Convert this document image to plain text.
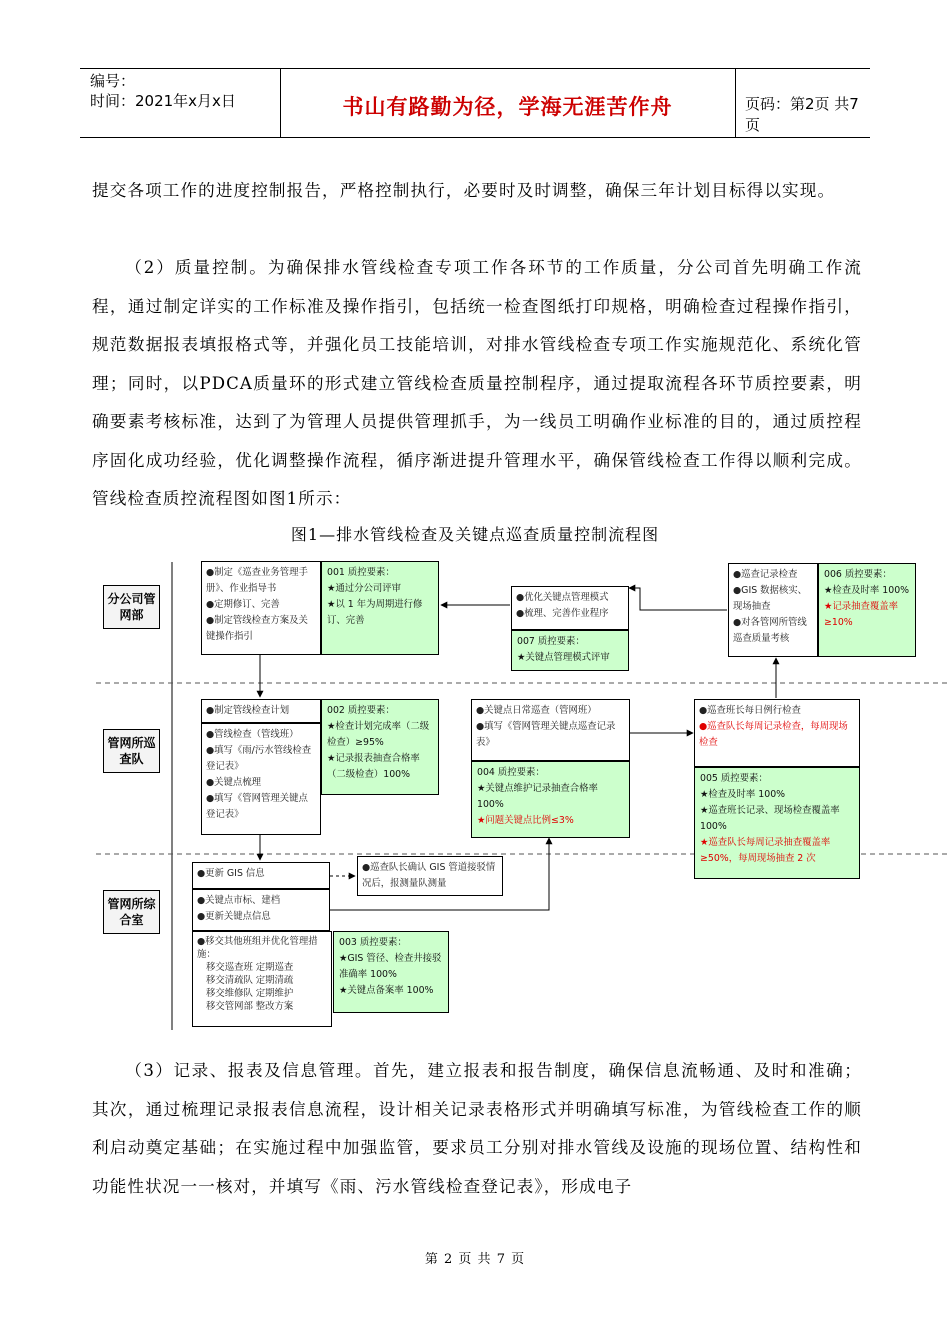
编号：
时间：2021年x月x日	书山有路勤为径，学海无涯苦作舟	页码：第2页 共7页
提交各项工作的进度控制报告，严格控制执行，必要时及时调整，确保三年计划目标得以实现。
（2）质量控制。为确保排水管线检查专项工作各环节的工作质量，分公司首先明确工作流程，通过制定详实的工作标准及操作指引，包括统一检查图纸打印规格，明确检查过程操作指引，规范数据报表填报格式等，并强化员工技能培训，对排水管线检查专项工作实施规范化、系统化管理；同时，以PDCA质量环的形式建立管线检查质量控制程序，通过提取流程各环节质控要素，明确要素考核标准，达到了为管理人员提供管理抓手，为一线员工明确作业标准的目的，通过质控程序固化成功经验，优化调整操作流程，循序渐进提升管理水平，确保管线检查工作得以顺利完成。管线检查质控流程图如图1所示：
图1—排水管线检查及关键点巡查质量控制流程图
分公司管网部
管网所巡查队
管网所综合室
●制定《巡查业务管理手册》、作业指导书
●定期修订、完善
●制定管线检查方案及关键操作指引
001 质控要素：
★通过分公司评审
★以 1 年为周期进行修订、完善
●优化关键点管理模式
●梳理、完善作业程序
007 质控要素：
★关键点管理模式评审
●巡查记录检查
●GIS 数据核实、现场抽查
●对各管网所管线巡查质量考核
006 质控要素：
★检查及时率 100%
★记录抽查覆盖率≥10%
●制定管线检查计划
●管线检查（管线班）
●填写《雨/污水管线检查登记表》
●关键点梳理
●填写《管网管理关键点登记表》
002 质控要素：
★检查计划完成率（二级检查）≥95%
★记录报表抽查合格率（二级检查）100%
●关键点日常巡查（管网班）
●填写《管网管理关键点巡查记录表》
004 质控要素：
★关键点维护记录抽查合格率100%
★问题关键点比例≤3%
●巡查班长每日例行检查
●巡查队长每周记录检查，每周现场检查
005 质控要素：
★检查及时率 100%
★巡查班长记录、现场检查覆盖率100%
★巡查队长每周记录抽查覆盖率≥50%，每周现场抽查 2 次
●更新 GIS 信息
●巡查队长确认 GIS 管道接驳情况后，报测量队测量
●关键点市标、建档
●更新关键点信息
●移交其他班组并优化管理措施：
移交巡查班 定期巡查
移交清疏队 定期清疏
移交维修队 定期维护
移交管网部 整改方案
003 质控要素：
★GIS 管径、检查井接驳准确率 100%
★关键点备案率 100%
（3）记录、报表及信息管理。首先，建立报表和报告制度，确保信息流畅通、及时和准确；其次，通过梳理记录报表信息流程，设计相关记录表格形式并明确填写标准，为管线检查工作的顺利启动奠定基础；在实施过程中加强监管，要求员工分别对排水管线及设施的现场位置、结构性和功能性状况一一核对，并填写《雨、污水管线检查登记表》，形成电子
第 2 页 共 7 页
